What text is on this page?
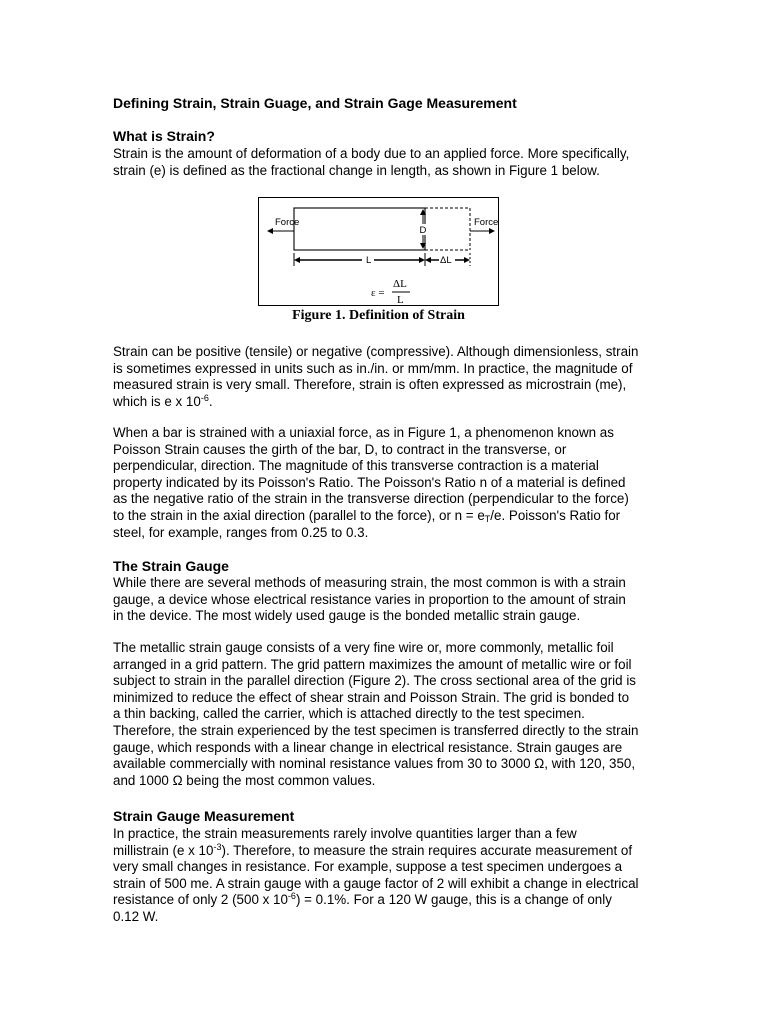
Defining Strain, Strain Guage, and Strain Gage Measurement
What is Strain?

Strain is the amount of deformation of a body due to an applied force. More specifically,
strain (e) is defined as the fractional change in length, as shown in Figure 1 below.

Force	Force
D
L	ΔL
ε =
ΔL
L

Figure 1. Definition of Strain

Strain can be positive (tensile) or negative (compressive). Although dimensionless, strain
is sometimes expressed in units such as in./in. or mm/mm. In practice, the magnitude of
measured strain is very small. Therefore, strain is often expressed as microstrain (me),
which is e x $10^{-6}$.

When a bar is strained with a uniaxial force, as in Figure 1, a phenomenon known as
Poisson Strain causes the girth of the bar, D, to contract in the transverse, or
perpendicular, direction. The magnitude of this transverse contraction is a material
property indicated by its Poisson's Ratio. The Poisson's Ratio n of a material is defined
as the negative ratio of the strain in the transverse direction (perpendicular to the force)
to the strain in the axial direction (parallel to the force), or $n = e_T/e$. Poisson's Ratio for
steel, for example, ranges from 0.25 to 0.3.

The Strain Gauge

While there are several methods of measuring strain, the most common is with a strain
gauge, a device whose electrical resistance varies in proportion to the amount of strain
in the device. The most widely used gauge is the bonded metallic strain gauge.

The metallic strain gauge consists of a very fine wire or, more commonly, metallic foil
arranged in a grid pattern. The grid pattern maximizes the amount of metallic wire or foil
subject to strain in the parallel direction (Figure 2). The cross sectional area of the grid is
minimized to reduce the effect of shear strain and Poisson Strain. The grid is bonded to
a thin backing, called the carrier, which is attached directly to the test specimen.
Therefore, the strain experienced by the test specimen is transferred directly to the strain
gauge, which responds with a linear change in electrical resistance. Strain gauges are
available commercially with nominal resistance values from 30 to 3000 Ω, with 120, 350,
and 1000 Ω being the most common values.

Strain Gauge Measurement

In practice, the strain measurements rarely involve quantities larger than a few
millistrain (e x $10^{-3}$). Therefore, to measure the strain requires accurate measurement of
very small changes in resistance. For example, suppose a test specimen undergoes a
strain of 500 me. A strain gauge with a gauge factor of 2 will exhibit a change in electrical
resistance of only 2 (500 x $10^{-6}) = 0.1\%$. For a 120 W gauge, this is a change of only
0.12 W.
